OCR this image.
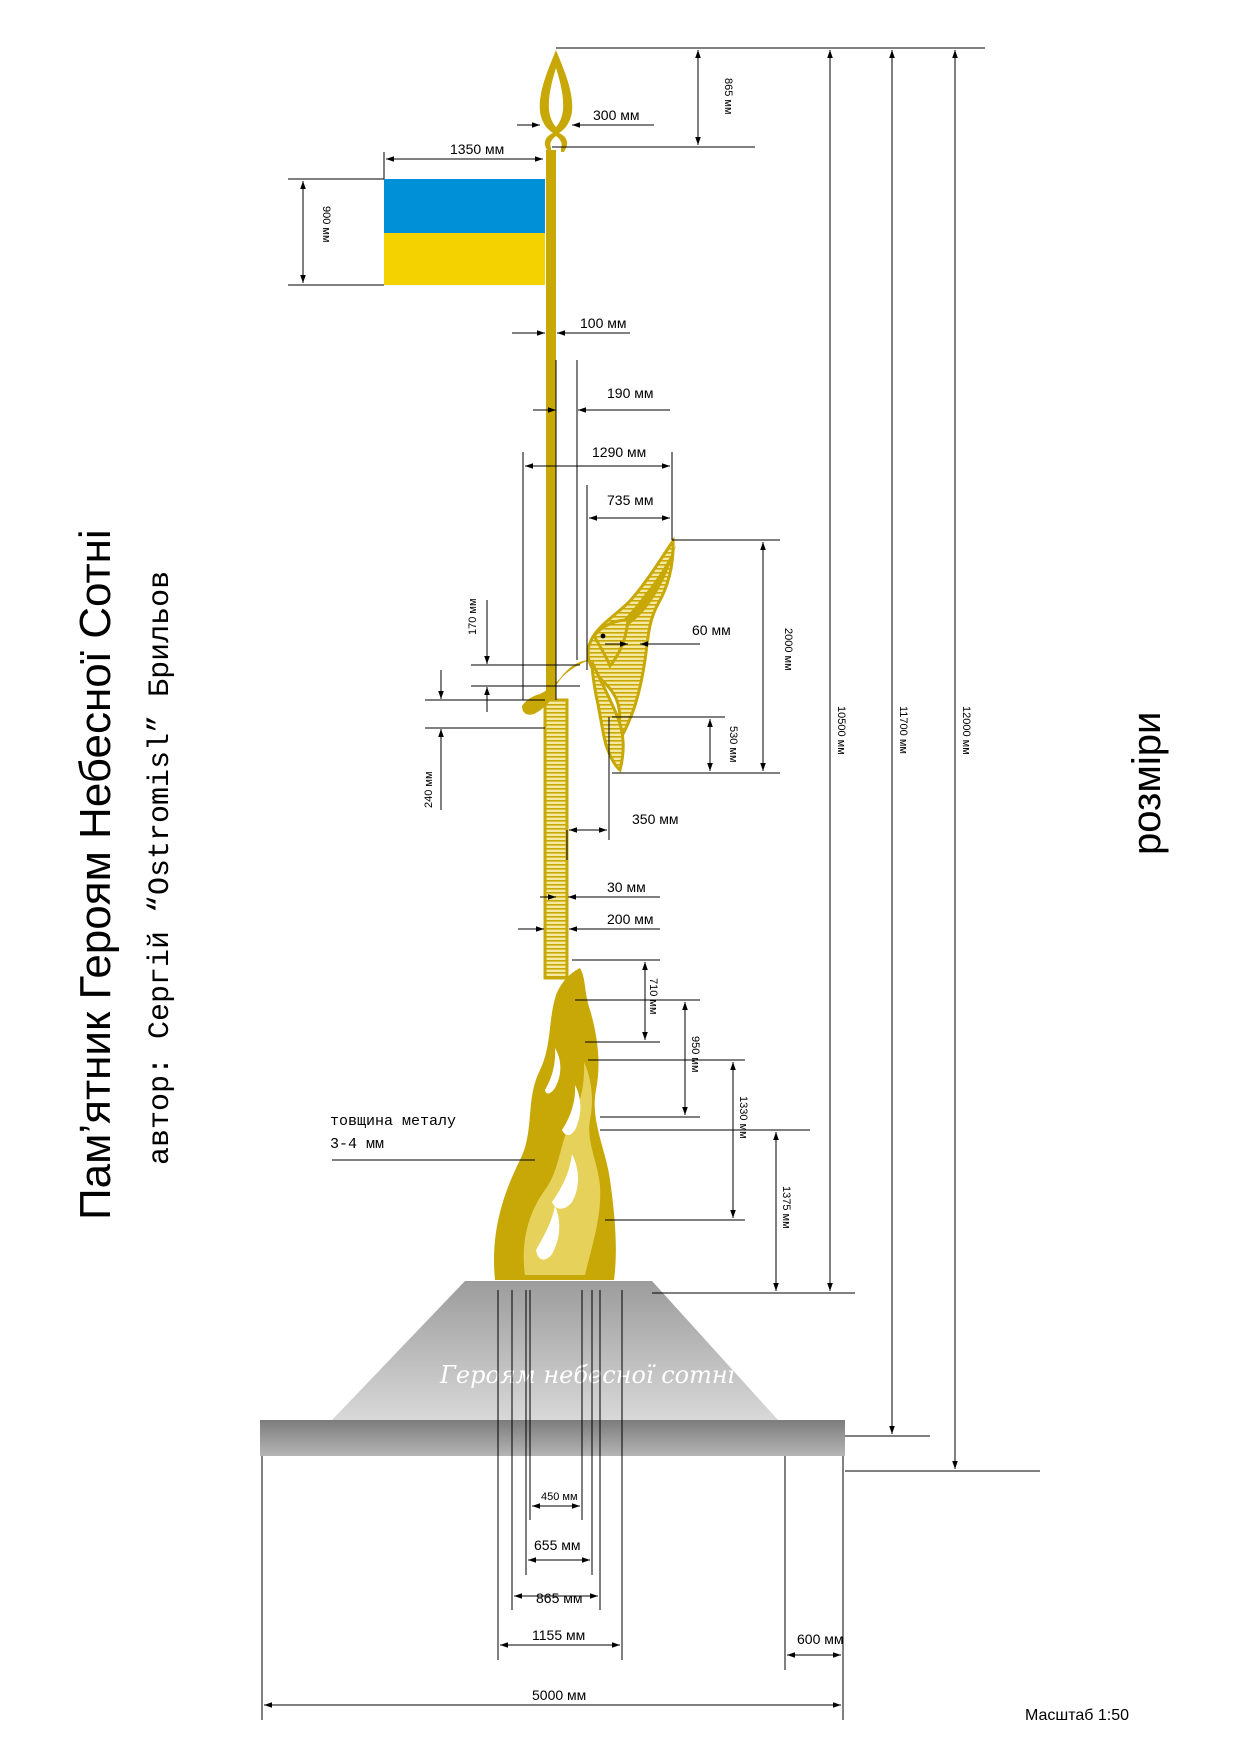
Пам’ятник Героям Небесної Сотні автор: Сергій “Ostromisl” Брильов	розміри
Масштаб 1:50
Героям небесної сотні
865 мм
300 мм
1350 мм
900 мм
100 мм
190 мм
1290 мм
735 мм
170 мм	60 мм	2000 мм
530 мм
240 мм
350 мм
30 мм
200 мм
710 мм
950 мм
1330 мм
1375 мм
10500 мм	11700 мм	12000 мм
товщина металу
3-4 мм
450 мм
655 мм
865 мм
1155 мм	600 мм
5000 мм
